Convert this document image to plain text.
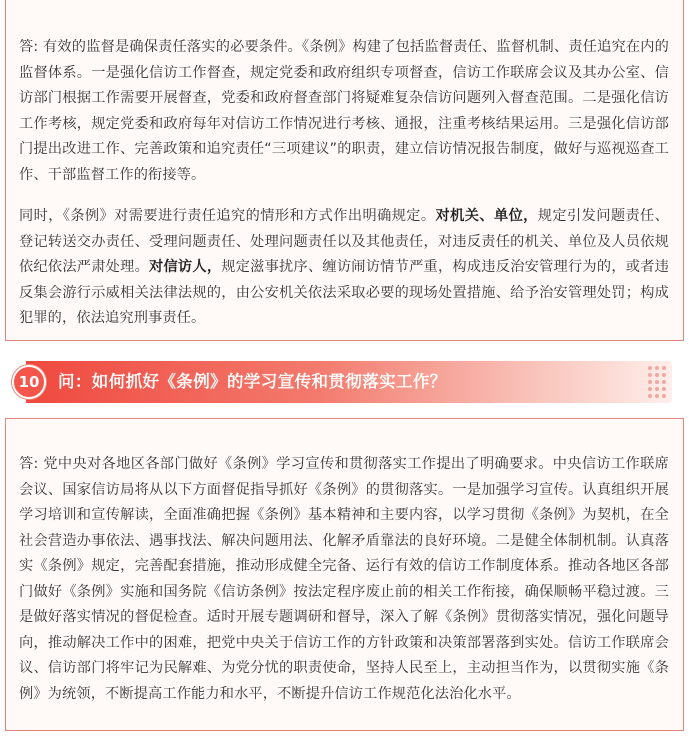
答: 有效的监督是确保责任落实的必要条件。《条例》构建了包括监督责任、监督机制、责任追究在内的监督体系。一是强化信访工作督查，规定党委和政府组织专项督查，信访工作联席会议及其办公室、信访部门根据工作需要开展督查，党委和政府督查部门将疑难复杂信访问题列入督查范围。二是强化信访工作考核，规定党委和政府每年对信访工作情况进行考核、通报，注重考核结果运用。三是强化信访部门提出改进工作、完善政策和追究责任“三项建议”的职责，建立信访情况报告制度，做好与巡视巡查工作、干部监督工作的衔接等。

同时，《条例》对需要进行责任追究的情形和方式作出明确规定。对机关、单位，规定引发问题责任、登记转送交办责任、受理问题责任、处理问题责任以及其他责任，对违反责任的机关、单位及人员依规依纪依法严肃处理。对信访人，规定滋事扰序、缠访闹访情节严重，构成违反治安管理行为的，或者违反集会游行示威相关法律法规的，由公安机关依法采取必要的现场处置措施、给予治安管理处罚；构成犯罪的，依法追究刑事责任。

10	问：如何抓好《条例》的学习宣传和贯彻落实工作？

答: 党中央对各地区各部门做好《条例》学习宣传和贯彻落实工作提出了明确要求。中央信访工作联席会议、国家信访局将从以下方面督促指导抓好《条例》的贯彻落实。一是加强学习宣传。认真组织开展学习培训和宣传解读，全面准确把握《条例》基本精神和主要内容，以学习贯彻《条例》为契机，在全社会营造办事依法、遇事找法、解决问题用法、化解矛盾靠法的良好环境。二是健全体制机制。认真落实《条例》规定，完善配套措施，推动形成健全完备、运行有效的信访工作制度体系。推动各地区各部门做好《条例》实施和国务院《信访条例》按法定程序废止前的相关工作衔接，确保顺畅平稳过渡。三是做好落实情况的督促检查。适时开展专题调研和督导，深入了解《条例》贯彻落实情况，强化问题导向，推动解决工作中的困难，把党中央关于信访工作的方针政策和决策部署落到实处。信访工作联席会议、信访部门将牢记为民解难、为党分忧的职责使命，坚持人民至上，主动担当作为，以贯彻实施《条例》为统领，不断提高工作能力和水平，不断提升信访工作规范化法治化水平。
